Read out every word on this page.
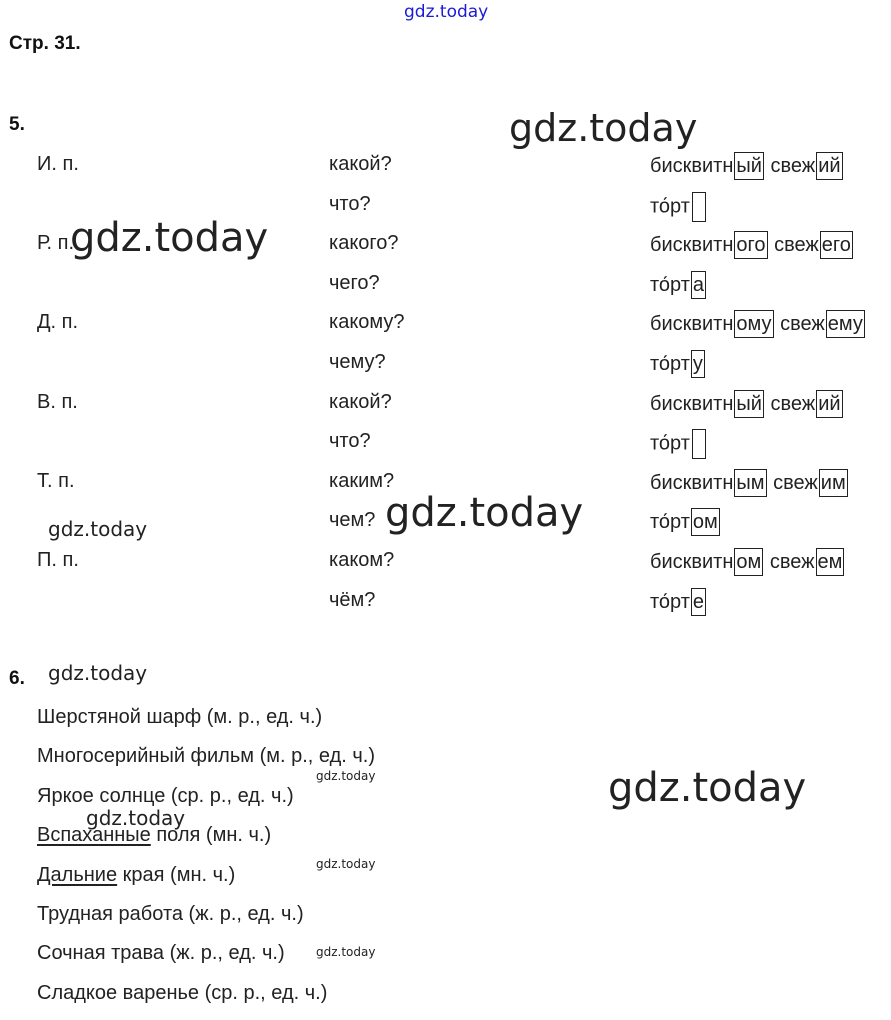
gdz.today
Стр. 31.
5.
И. п.	какой?	бисквитн ый свеж ий
что?	то́рт
Р. п.	какого?	бисквитн ого свеж его
чего?	то́рт а
Д. п.	какому?	бисквитн ому свеж ему
чему?	то́рт у
В. п.	какой?	бисквитн ый свеж ий
что?	то́рт
Т. п.	каким?	бисквитн ым свеж им
чем?	то́рт ом
П. п.	каком?	бисквитн ом свеж ем
чём?	то́рт е
6.
Шерстяной шарф (м. р., ед. ч.)
Многосерийный фильм (м. р., ед. ч.)
Яркое солнце (ср. р., ед. ч.)
Вспаханные поля (мн. ч.)
Дальние края (мн. ч.)
Трудная работа (ж. р., ед. ч.)
Сочная трава (ж. р., ед. ч.)
Сладкое варенье (ср. р., ед. ч.)
gdz.today
gdz.today
gdz.today
gdz.today
gdz.today
gdz.today
gdz.today
gdz.today
gdz.today
gdz.today
